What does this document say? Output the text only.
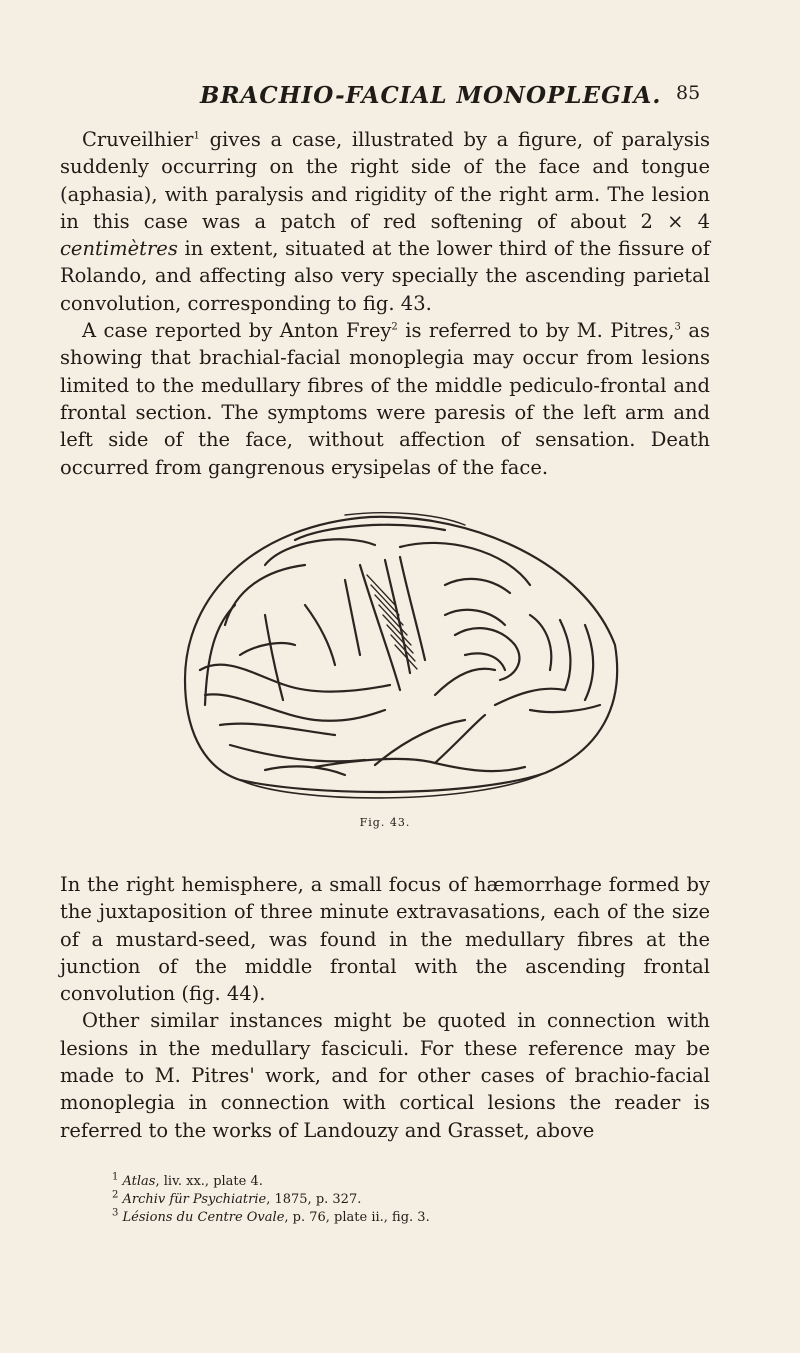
BRACHIO-FACIAL MONOPLEGIA. 85

Cruveilhier$^1$ gives a case, illustrated by a figure, of paralysis suddenly occurring on the right side of the face and tongue (aphasia), with paralysis and rigidity of the right arm. The lesion in this case was a patch of red softening of about 2 × 4 centimètres in extent, situated at the lower third of the fissure of Rolando, and affecting also very specially the ascending parietal convolution, corresponding to fig. 43.

A case reported by Anton Frey$^2$ is referred to by M. Pitres,$^3$ as showing that brachial-facial monoplegia may occur from lesions limited to the medullary fibres of the middle pediculo-frontal and frontal section. The symptoms were paresis of the left arm and left side of the face, without affection of sensation. Death occurred from gangrenous erysipelas of the face.

Fig. 43.

In the right hemisphere, a small focus of hæmorrhage formed by the juxtaposition of three minute extravasations, each of the size of a mustard-seed, was found in the medullary fibres at the junction of the middle frontal with the ascending frontal convolution (fig. 44).

Other similar instances might be quoted in connection with lesions in the medullary fasciculi. For these reference may be made to M. Pitres' work, and for other cases of brachio-facial monoplegia in connection with cortical lesions the reader is referred to the works of Landouzy and Grasset, above

$^1$ Atlas, liv. xx., plate 4.
$^2$ Archiv für Psychiatrie, 1875, p. 327.
$^3$ Lésions du Centre Ovale, p. 76, plate ii., fig. 3.
